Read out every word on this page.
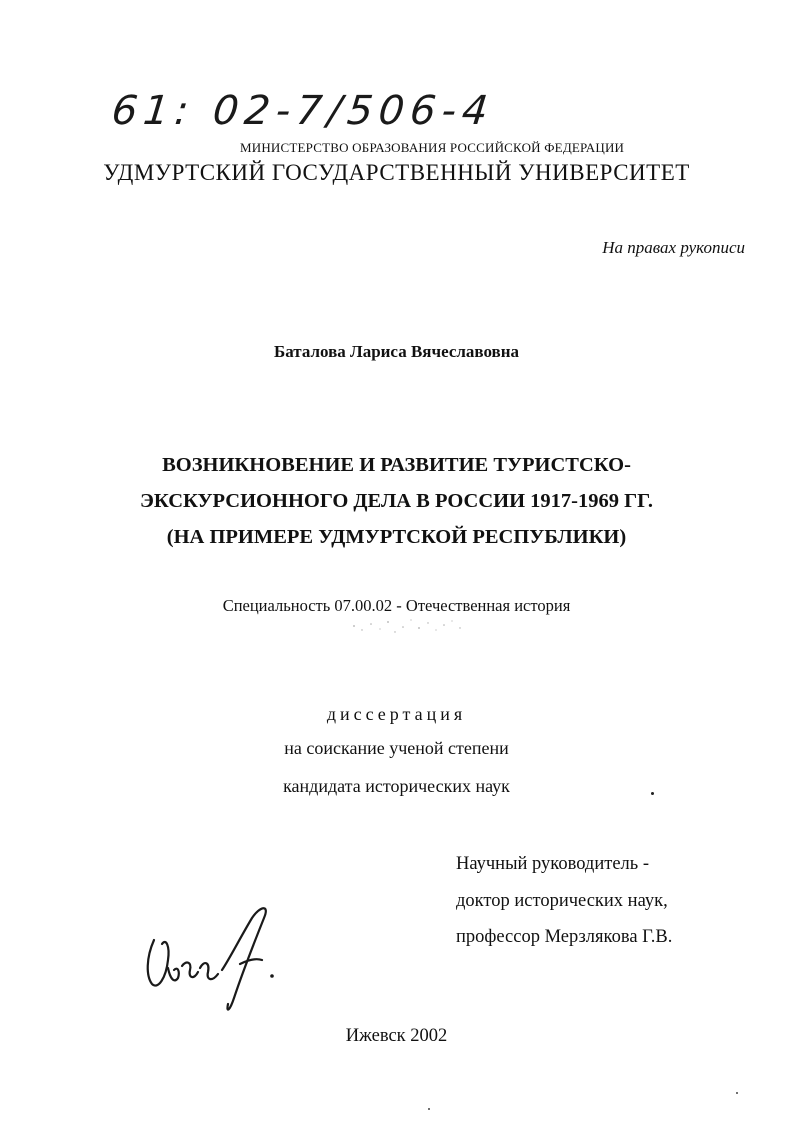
61: 02-7/506-4
МИНИСТЕРСТВО ОБРАЗОВАНИЯ РОССИЙСКОЙ ФЕДЕРАЦИИ
УДМУРТСКИЙ ГОСУДАРСТВЕННЫЙ УНИВЕРСИТЕТ
На правах рукописи
Баталова Лариса Вячеславовна
ВОЗНИКНОВЕНИЕ И РАЗВИТИЕ ТУРИСТСКО-
ЭКСКУРСИОННОГО ДЕЛА В РОССИИ 1917-1969 ГГ.
(НА ПРИМЕРЕ УДМУРТСКОЙ РЕСПУБЛИКИ)
Специальность 07.00.02 - Отечественная история
диссертация
на соискание ученой степени
кандидата исторических наук
Научный руководитель -
доктор исторических наук,
профессор Мерзлякова Г.В.
Ижевск 2002
